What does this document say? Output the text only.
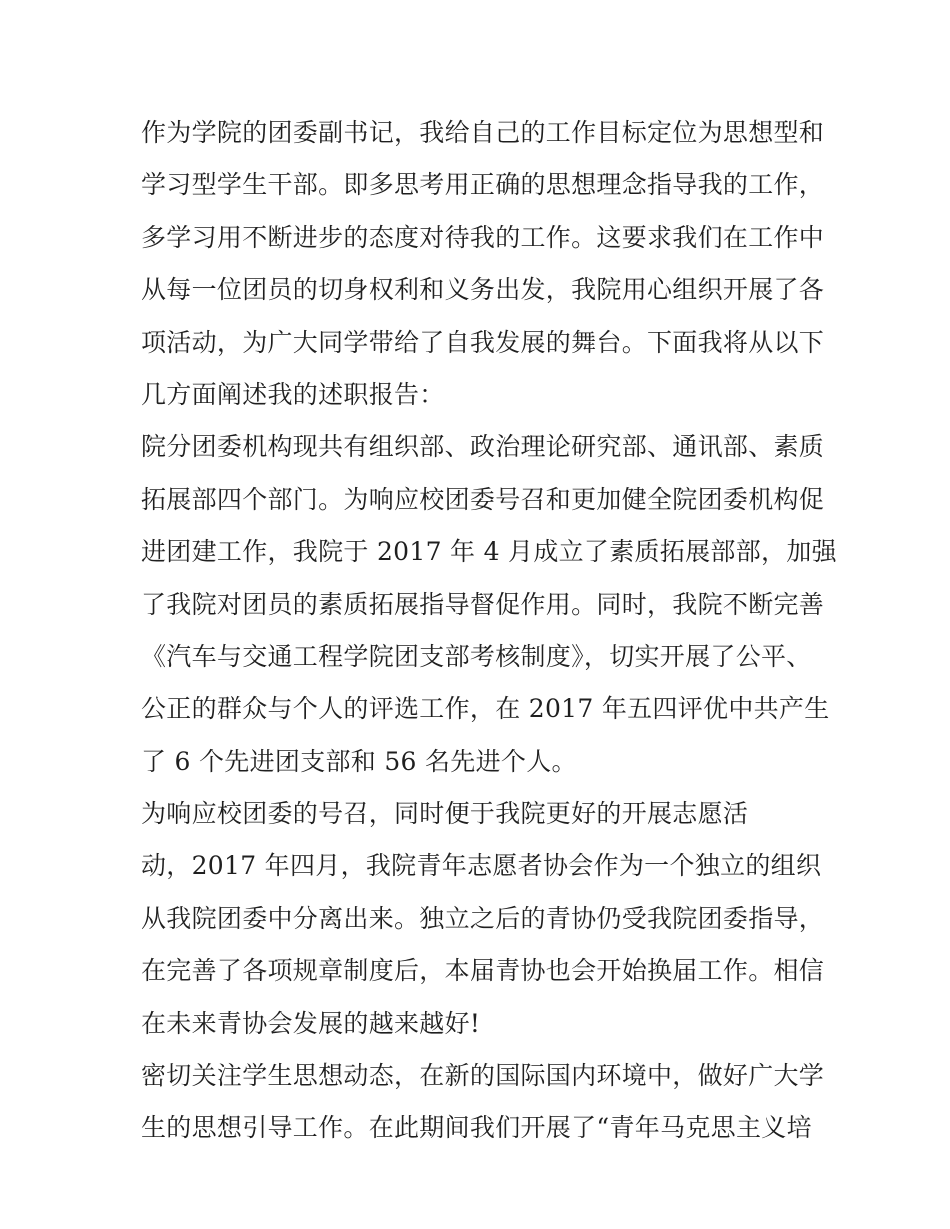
作为学院的团委副书记，我给自己的工作目标定位为思想型和
学习型学生干部。即多思考用正确的思想理念指导我的工作，
多学习用不断进步的态度对待我的工作。这要求我们在工作中
从每一位团员的切身权利和义务出发，我院用心组织开展了各
项活动，为广大同学带给了自我发展的舞台。下面我将从以下
几方面阐述我的述职报告：
院分团委机构现共有组织部、政治理论研究部、通讯部、素质
拓展部四个部门。为响应校团委号召和更加健全院团委机构促
进团建工作，我院于 2017 年 4 月成立了素质拓展部部，加强
了我院对团员的素质拓展指导督促作用。同时，我院不断完善
《汽车与交通工程学院团支部考核制度》，切实开展了公平、
公正的群众与个人的评选工作，在 2017 年五四评优中共产生
了 6 个先进团支部和 56 名先进个人。
为响应校团委的号召，同时便于我院更好的开展志愿活
动，2017 年四月，我院青年志愿者协会作为一个独立的组织
从我院团委中分离出来。独立之后的青协仍受我院团委指导，
在完善了各项规章制度后，本届青协也会开始换届工作。相信
在未来青协会发展的越来越好!
密切关注学生思想动态，在新的国际国内环境中，做好广大学
生的思想引导工作。在此期间我们开展了“青年马克思主义培
